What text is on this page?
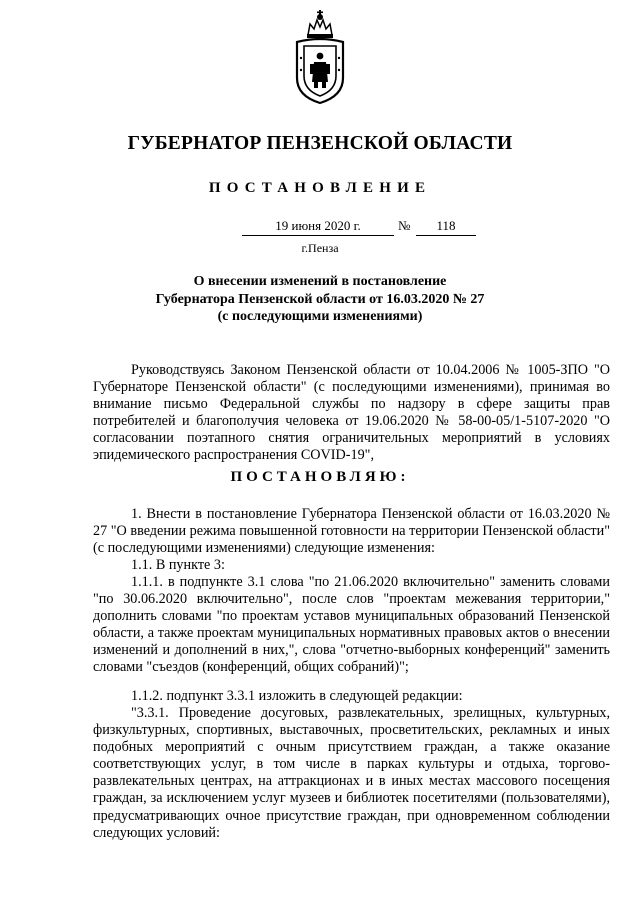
ГУБЕРНАТОР ПЕНЗЕНСКОЙ ОБЛАСТИ
ПОСТАНОВЛЕНИЕ
19 июня 2020 г.	№	118
г.Пенза
О внесении изменений в постановление
Губернатора Пензенской области от 16.03.2020 № 27
(с последующими изменениями)
Руководствуясь Законом Пензенской области от 10.04.2006 № 1005-ЗПО "О Губернаторе Пензенской области" (с последующими изменениями), принимая во внимание письмо Федеральной службы по надзору в сфере защиты прав потребителей и благополучия человека от 19.06.2020 № 58-00-05/1-5107-2020 "О согласовании поэтапного снятия ограничительных мероприятий в условиях эпидемического распространения COVID-19",
ПОСТАНОВЛЯЮ:
1. Внести в постановление Губернатора Пензенской области от 16.03.2020 № 27 "О введении режима повышенной готовности на территории Пензенской области" (с последующими изменениями) следующие изменения:
1.1. В пункте 3:
1.1.1. в подпункте 3.1 слова "по 21.06.2020 включительно" заменить словами "по 30.06.2020 включительно", после слов "проектам межевания территории," дополнить словами "по проектам уставов муниципальных образований Пензенской области, а также проектам муниципальных нормативных правовых актов о внесении изменений и дополнений в них,", слова "отчетно-выборных конференций" заменить словами "съездов (конференций, общих собраний)";
1.1.2. подпункт 3.3.1 изложить в следующей редакции:
"3.3.1. Проведение досуговых, развлекательных, зрелищных, культурных, физкультурных, спортивных, выставочных, просветительских, рекламных и иных подобных мероприятий с очным присутствием граждан, а также оказание соответствующих услуг, в том числе в парках культуры и отдыха, торгово-развлекательных центрах, на аттракционах и в иных местах массового посещения граждан, за исключением услуг музеев и библиотек посетителями (пользователями), предусматривающих очное присутствие граждан, при одновременном соблюдении следующих условий:
